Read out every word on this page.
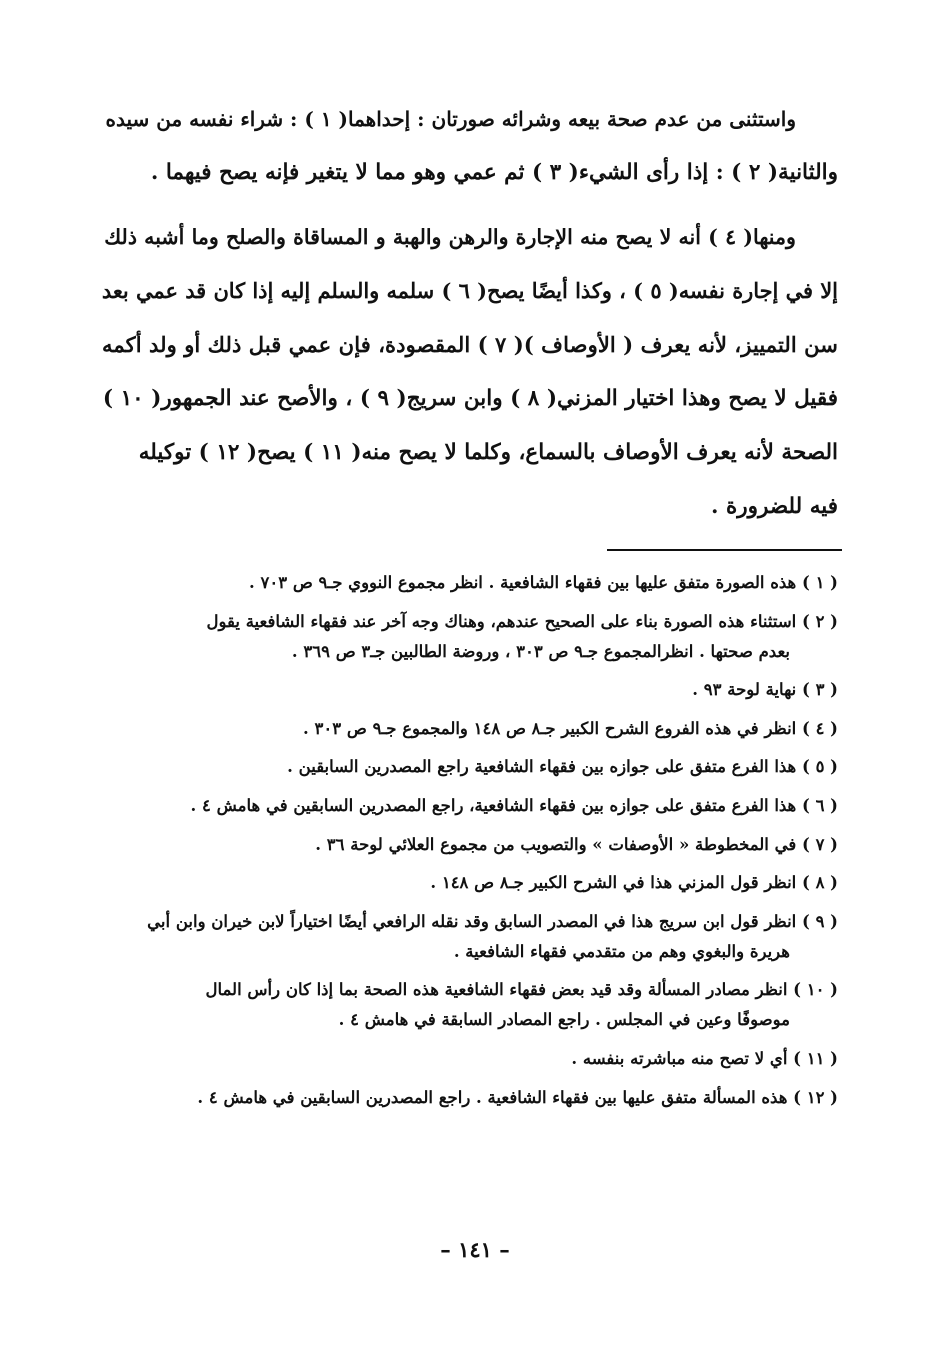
واستثنى من عدم صحة بيعه وشرائه صورتان : إحداهما( ١ ) : شراء نفسه من سيده
والثانية( ٢ ) : إذا رأى الشيء( ٣ ) ثم عمي وهو مما لا يتغير فإنه يصح فيهما .

ومنها( ٤ ) أنه لا يصح منه الإجارة والرهن والهبة و المساقاة والصلح وما أشبه ذلك
إلا في إجارة نفسه( ٥ ) ، وكذا أيضًا يصح( ٦ ) سلمه والسلم إليه إذا كان قد عمي بعد
سن التمييز، لأنه يعرف ( الأوصاف )( ٧ ) المقصودة، فإن عمي قبل ذلك أو ولد أكمه
فقيل لا يصح وهذا اختيار المزني( ٨ ) وابن سريج( ٩ ) ، والأصح عند الجمهور( ١٠ )
الصحة لأنه يعرف الأوصاف بالسماع، وكلما لا يصح منه( ١١ ) يصح( ١٢ ) توكيله
فيه للضرورة .

( ١ ) هذه الصورة متفق عليها بين فقهاء الشافعية . انظر مجموع النووي جـ٩ ص ٧٠٣ .
( ٢ ) استثناء هذه الصورة بناء على الصحيح عندهم، وهناك وجه آخر عند فقهاء الشافعية يقول
بعدم صحتها . انظرالمجموع جـ٩ ص ٣٠٣ ، وروضة الطالبين جـ٣ ص ٣٦٩ .
( ٣ ) نهاية لوحة ٩٣ .
( ٤ ) انظر في هذه الفروع الشرح الكبير جـ٨ ص ١٤٨ والمجموع جـ٩ ص ٣٠٣ .
( ٥ ) هذا الفرع متفق على جوازه بين فقهاء الشافعية راجع المصدرين السابقين .
( ٦ ) هذا الفرع متفق على جوازه بين فقهاء الشافعية، راجع المصدرين السابقين في هامش ٤ .
( ٧ ) في المخطوطة « الأوصفات » والتصويب من مجموع العلائي لوحة ٣٦ .
( ٨ ) انظر قول المزني هذا في الشرح الكبير جـ٨ ص ١٤٨ .
( ٩ ) انظر قول ابن سريج هذا في المصدر السابق وقد نقله الرافعي أيضًا اختياراً لابن خيران وابن أبي
هريرة والبغوي وهم من متقدمي فقهاء الشافعية .
( ١٠ ) انظر مصادر المسألة وقد قيد بعض فقهاء الشافعية هذه الصحة بما إذا كان رأس المال
موصوفًا وعين في المجلس . راجع المصادر السابقة في هامش ٤ .
( ١١ ) أي لا تصح منه مباشرته بنفسه .
( ١٢ ) هذه المسألة متفق عليها بين فقهاء الشافعية . راجع المصدرين السابقين في هامش ٤ .
– ١٤١ –
